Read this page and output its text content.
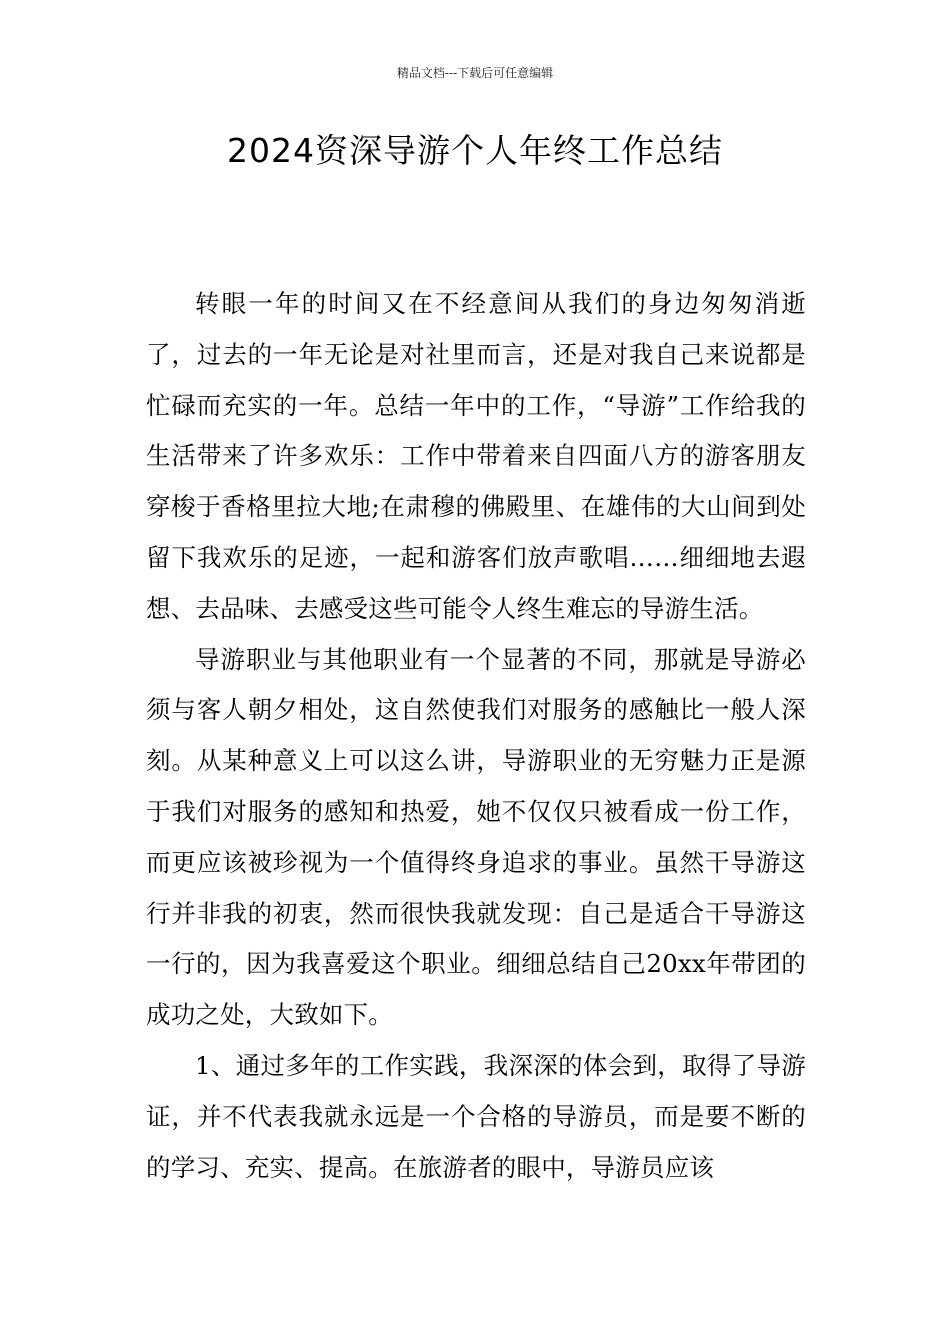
精品文档---下载后可任意编辑
2024资深导游个人年终工作总结

转眼一年的时间又在不经意间从我们的身边匆匆消逝了，过去的一年无论是对社里而言，还是对我自己来说都是忙碌而充实的一年。总结一年中的工作，“导游”工作给我的生活带来了许多欢乐：工作中带着来自四面八方的游客朋友穿梭于香格里拉大地;在肃穆的佛殿里、在雄伟的大山间到处留下我欢乐的足迹，一起和游客们放声歌唱……细细地去遐想、去品味、去感受这些可能令人终生难忘的导游生活。

导游职业与其他职业有一个显著的不同，那就是导游必须与客人朝夕相处，这自然使我们对服务的感触比一般人深刻。从某种意义上可以这么讲，导游职业的无穷魅力正是源于我们对服务的感知和热爱，她不仅仅只被看成一份工作，而更应该被珍视为一个值得终身追求的事业。虽然干导游这行并非我的初衷，然而很快我就发现：自己是适合干导游这一行的，因为我喜爱这个职业。细细总结自己20xx年带团的成功之处，大致如下。

1、通过多年的工作实践，我深深的体会到，取得了导游证，并不代表我就永远是一个合格的导游员，而是要不断的的学习、充实、提高。在旅游者的眼中，导游员应该
